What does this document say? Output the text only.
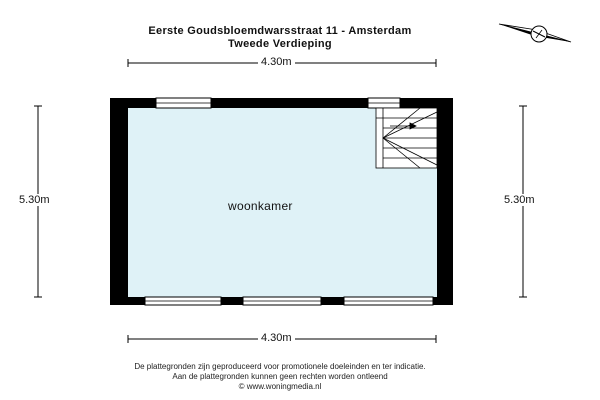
Eerste Goudsbloemdwarsstraat 11 - Amsterdam
Tweede Verdieping
4.30m
4.30m
5.30m	5.30m
woonkamer
De plattegronden zijn geproduceerd voor promotionele doeleinden en ter indicatie.
Aan de plattegronden kunnen geen rechten worden ontleend
© www.woningmedia.nl
